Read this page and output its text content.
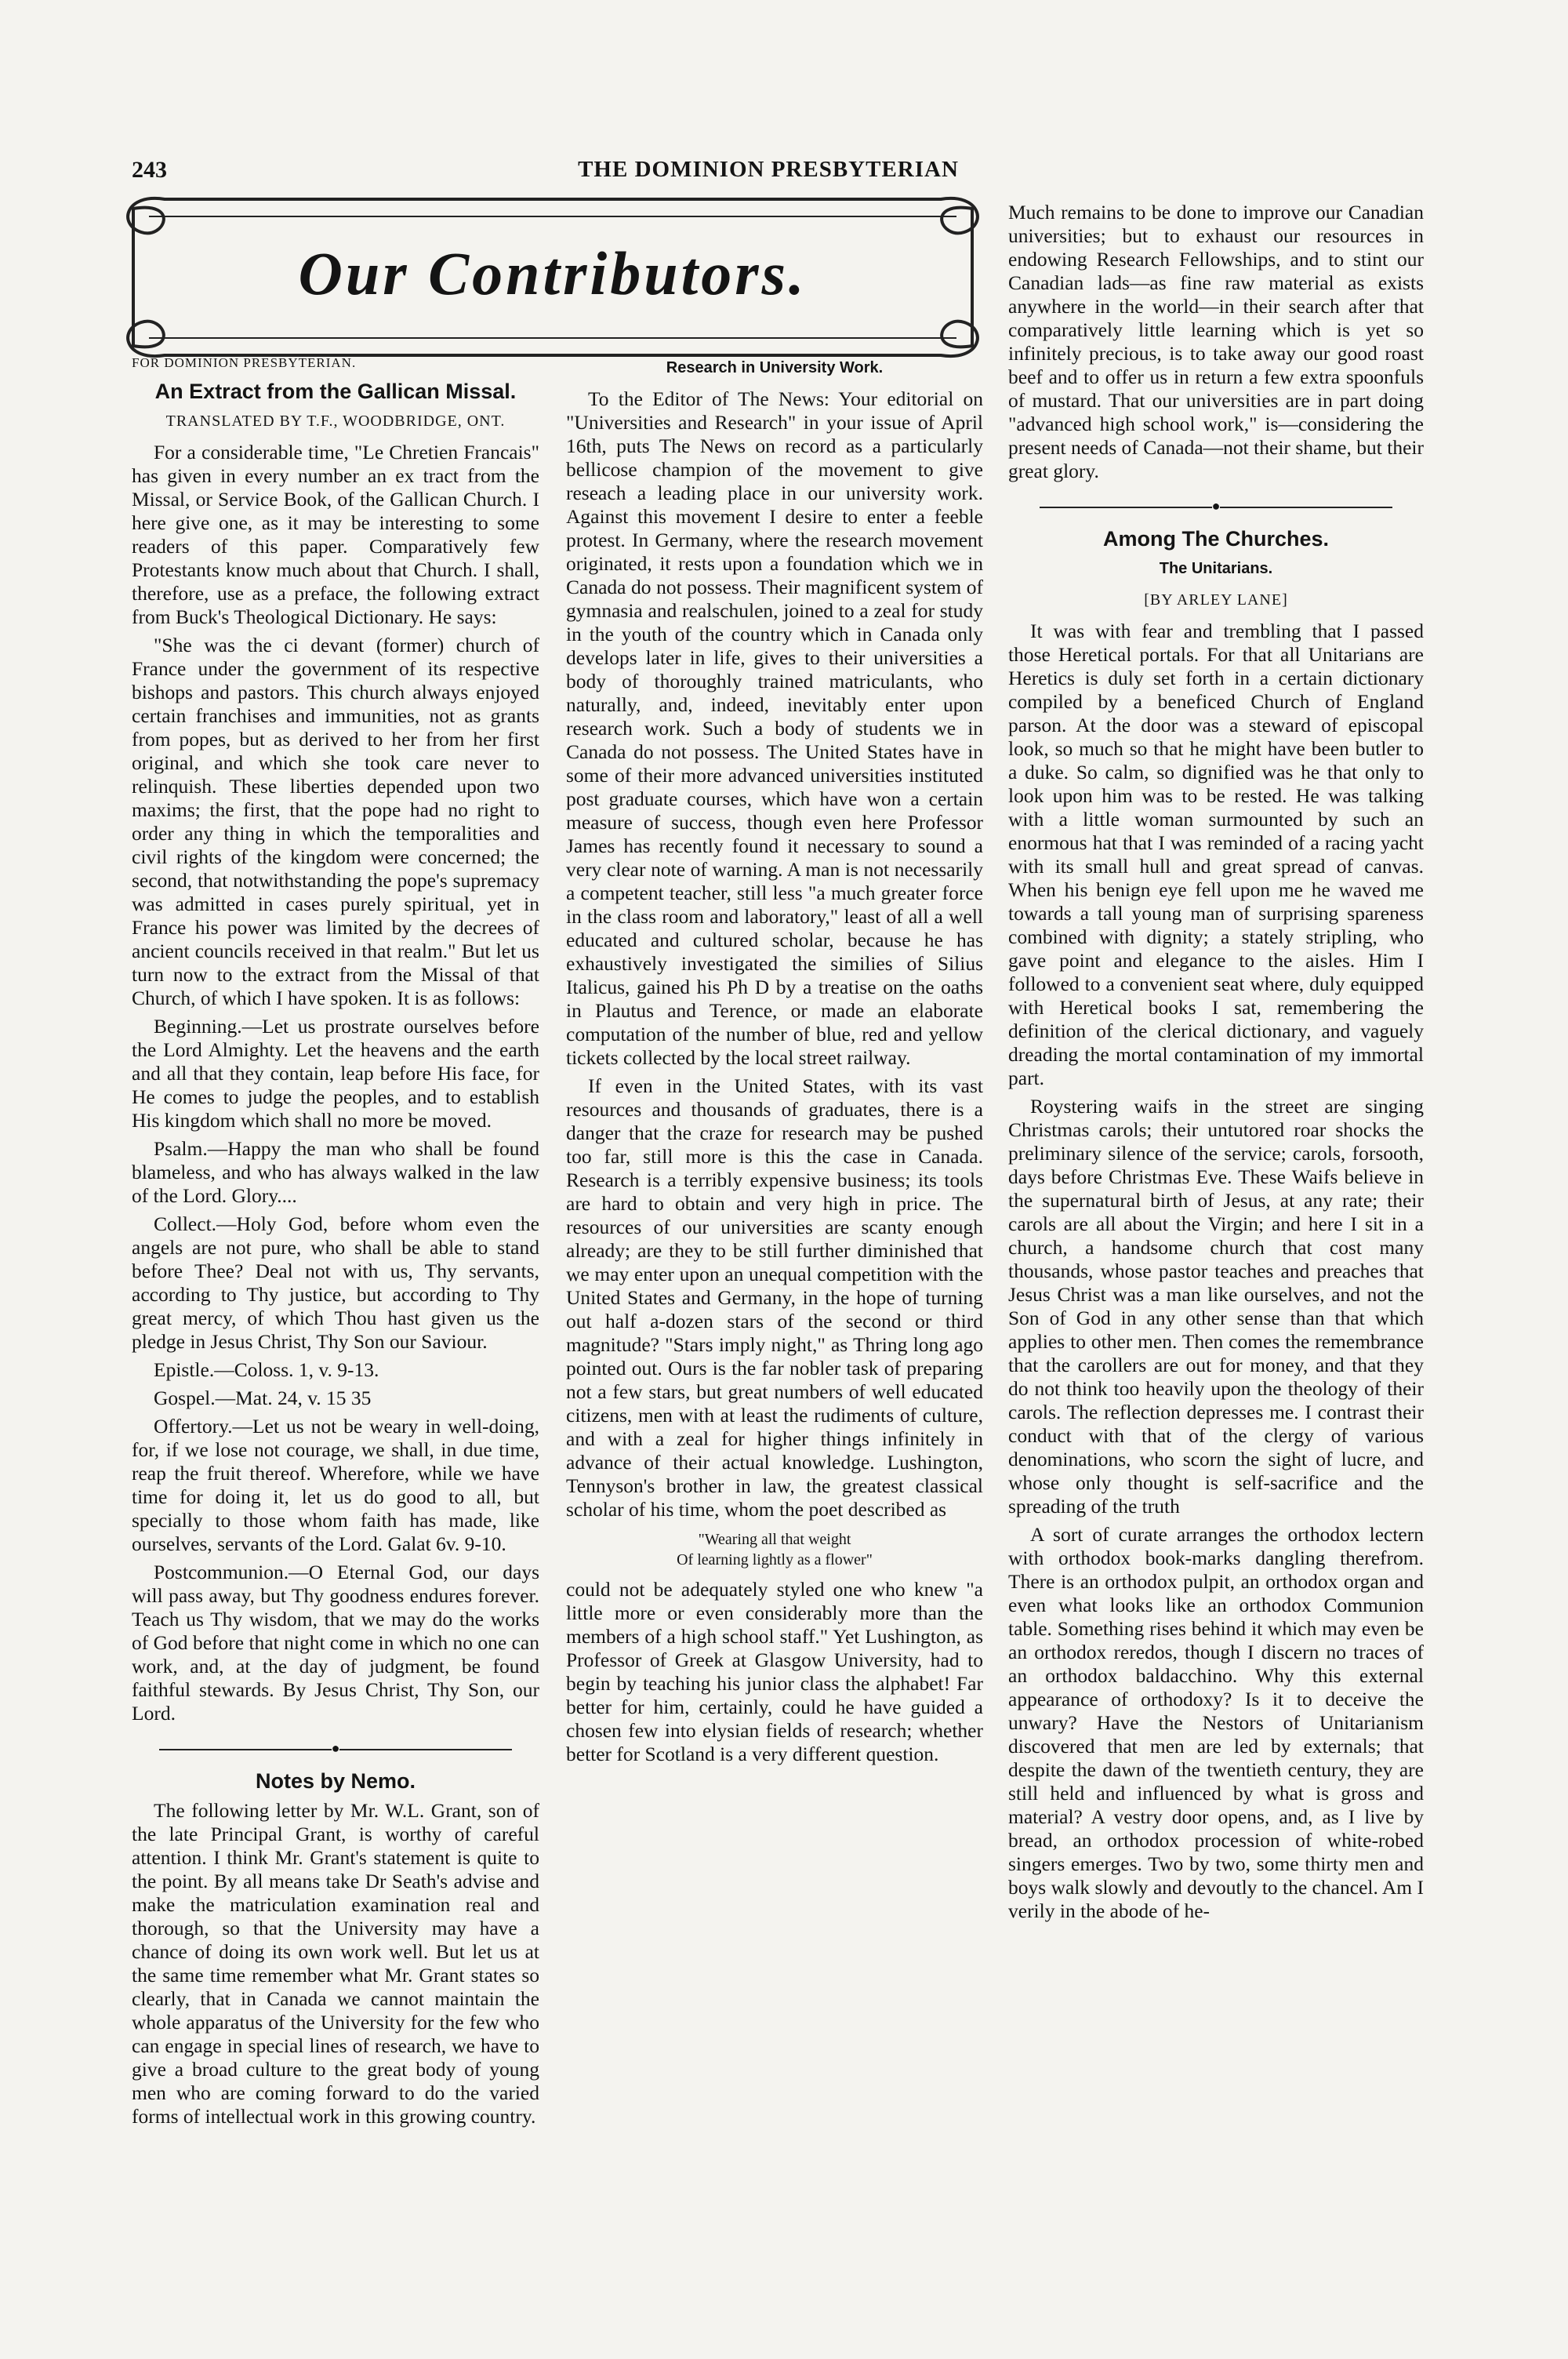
243	THE DOMINION PRESBYTERIAN
Our Contributors.
FOR DOMINION PRESBYTERIAN.
An Extract from the Gallican Missal.
TRANSLATED BY T.F., WOODBRIDGE, ONT.

For a considerable time, "Le Chretien Francais" has given in every number an ex tract from the Missal, or Service Book, of the Gallican Church. I here give one, as it may be interesting to some readers of this paper. Comparatively few Protestants know much about that Church. I shall, therefore, use as a preface, the following extract from Buck's Theological Dictionary. He says:

"She was the ci devant (former) church of France under the government of its respective bishops and pastors. This church always enjoyed certain franchises and immunities, not as grants from popes, but as derived to her from her first original, and which she took care never to relinquish. These liberties depended upon two maxims; the first, that the pope had no right to order any thing in which the temporalities and civil rights of the kingdom were concerned; the second, that notwithstanding the pope's supremacy was admitted in cases purely spiritual, yet in France his power was limited by the decrees of ancient councils received in that realm." But let us turn now to the extract from the Missal of that Church, of which I have spoken. It is as follows:

Beginning.—Let us prostrate ourselves before the Lord Almighty. Let the heavens and the earth and all that they contain, leap before His face, for He comes to judge the peoples, and to establish His kingdom which shall no more be moved.

Psalm.—Happy the man who shall be found blameless, and who has always walked in the law of the Lord. Glory....

Collect.—Holy God, before whom even the angels are not pure, who shall be able to stand before Thee? Deal not with us, Thy servants, according to Thy justice, but according to Thy great mercy, of which Thou hast given us the pledge in Jesus Christ, Thy Son our Saviour.

Epistle.—Coloss. 1, v. 9-13.

Gospel.—Mat. 24, v. 15 35

Offertory.—Let us not be weary in well-doing, for, if we lose not courage, we shall, in due time, reap the fruit thereof. Wherefore, while we have time for doing it, let us do good to all, but specially to those whom faith has made, like ourselves, servants of the Lord. Galat 6v. 9-10.

Postcommunion.—O Eternal God, our days will pass away, but Thy goodness endures forever. Teach us Thy wisdom, that we may do the works of God before that night come in which no one can work, and, at the day of judgment, be found faithful stewards. By Jesus Christ, Thy Son, our Lord.

●
Notes by Nemo.

The following letter by Mr. W.L. Grant, son of the late Principal Grant, is worthy of careful attention. I think Mr. Grant's statement is quite to the point. By all means take Dr Seath's advise and make the matriculation examination real and thorough, so that the University may have a chance of doing its own work well. But let us at the same time remember what Mr. Grant states so clearly, that in Canada we cannot maintain the whole apparatus of the University for the few who can engage in special lines of research, we have to give a broad culture to the great body of young men who are coming forward to do the varied forms of intellectual work in this growing country.

Research in University Work.

To the Editor of The News: Your editorial on "Universities and Research" in your issue of April 16th, puts The News on record as a particularly bellicose champion of the movement to give reseach a leading place in our university work. Against this movement I desire to enter a feeble protest. In Germany, where the research movement originated, it rests upon a foundation which we in Canada do not possess. Their magnificent system of gymnasia and realschulen, joined to a zeal for study in the youth of the country which in Canada only develops later in life, gives to their universities a body of thoroughly trained matriculants, who naturally, and, indeed, inevitably enter upon research work. Such a body of students we in Canada do not possess. The United States have in some of their more advanced universities instituted post graduate courses, which have won a certain measure of success, though even here Professor James has recently found it necessary to sound a very clear note of warning. A man is not necessarily a competent teacher, still less "a much greater force in the class room and laboratory," least of all a well educated and cultured scholar, because he has exhaustively investigated the similies of Silius Italicus, gained his Ph D by a treatise on the oaths in Plautus and Terence, or made an elaborate computation of the number of blue, red and yellow tickets collected by the local street railway.

If even in the United States, with its vast resources and thousands of graduates, there is a danger that the craze for research may be pushed too far, still more is this the case in Canada. Research is a terribly expensive business; its tools are hard to obtain and very high in price. The resources of our universities are scanty enough already; are they to be still further diminished that we may enter upon an unequal competition with the United States and Germany, in the hope of turning out half a-dozen stars of the second or third magnitude? "Stars imply night," as Thring long ago pointed out. Ours is the far nobler task of preparing not a few stars, but great numbers of well educated citizens, men with at least the rudiments of culture, and with a zeal for higher things infinitely in advance of their actual knowledge. Lushington, Tennyson's brother in law, the greatest classical scholar of his time, whom the poet described as

"Wearing all that weight
Of learning lightly as a flower"

could not be adequately styled one who knew "a little more or even considerably more than the members of a high school staff." Yet Lushington, as Professor of Greek at Glasgow University, had to begin by teaching his junior class the alphabet! Far better for him, certainly, could he have guided a chosen few into elysian fields of research; whether better for Scotland is a very different question.

Much remains to be done to improve our Canadian universities; but to exhaust our resources in endowing Research Fellowships, and to stint our Canadian lads—as fine raw material as exists anywhere in the world—in their search after that comparatively little learning which is yet so infinitely precious, is to take away our good roast beef and to offer us in return a few extra spoonfuls of mustard. That our universities are in part doing "advanced high school work," is—considering the present needs of Canada—not their shame, but their great glory.

●
Among The Churches.
The Unitarians.
[BY ARLEY LANE]

It was with fear and trembling that I passed those Heretical portals. For that all Unitarians are Heretics is duly set forth in a certain dictionary compiled by a beneficed Church of England parson. At the door was a steward of episcopal look, so much so that he might have been butler to a duke. So calm, so dignified was he that only to look upon him was to be rested. He was talking with a little woman surmounted by such an enormous hat that I was reminded of a racing yacht with its small hull and great spread of canvas. When his benign eye fell upon me he waved me towards a tall young man of surprising spareness combined with dignity; a stately stripling, who gave point and elegance to the aisles. Him I followed to a convenient seat where, duly equipped with Heretical books I sat, remembering the definition of the clerical dictionary, and vaguely dreading the mortal contamination of my immortal part.

Roystering waifs in the street are singing Christmas carols; their untutored roar shocks the preliminary silence of the service; carols, forsooth, days before Christmas Eve. These Waifs believe in the supernatural birth of Jesus, at any rate; their carols are all about the Virgin; and here I sit in a church, a handsome church that cost many thousands, whose pastor teaches and preaches that Jesus Christ was a man like ourselves, and not the Son of God in any other sense than that which applies to other men. Then comes the remembrance that the carollers are out for money, and that they do not think too heavily upon the theology of their carols. The reflection depresses me. I contrast their conduct with that of the clergy of various denominations, who scorn the sight of lucre, and whose only thought is self-sacrifice and the spreading of the truth

A sort of curate arranges the orthodox lectern with orthodox book-marks dangling therefrom. There is an orthodox pulpit, an orthodox organ and even what looks like an orthodox Communion table. Something rises behind it which may even be an orthodox reredos, though I discern no traces of an orthodox baldacchino. Why this external appearance of orthodoxy? Is it to deceive the unwary? Have the Nestors of Unitarianism discovered that men are led by externals; that despite the dawn of the twentieth century, they are still held and influenced by what is gross and material? A vestry door opens, and, as I live by bread, an orthodox procession of white-robed singers emerges. Two by two, some thirty men and boys walk slowly and devoutly to the chancel. Am I verily in the abode of he-
